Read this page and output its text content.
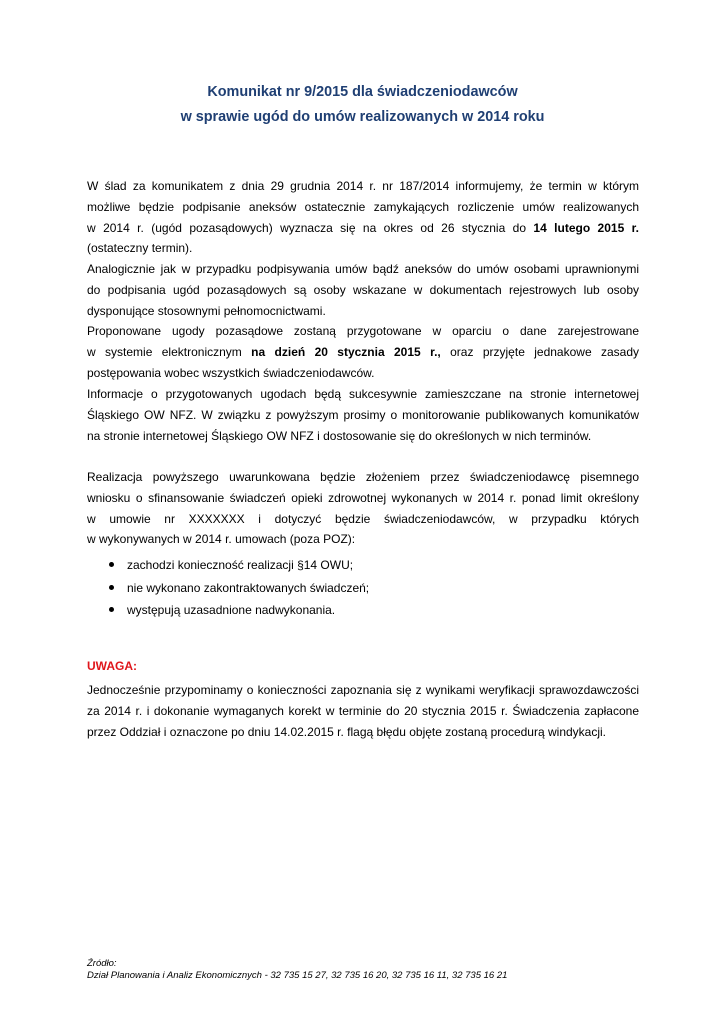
Komunikat nr 9/2015 dla świadczeniodawców
w sprawie ugód do umów realizowanych w 2014 roku
W ślad za komunikatem z dnia 29 grudnia 2014 r. nr 187/2014 informujemy, że termin w którym
możliwe będzie podpisanie aneksów ostatecznie zamykających rozliczenie umów realizowanych
w 2014 r. (ugód pozasądowych) wyznacza się na okres od 26 stycznia do 14 lutego 2015 r.
(ostateczny termin).
Analogicznie jak w przypadku podpisywania umów bądź aneksów do umów osobami uprawnionymi
do podpisania ugód pozasądowych są osoby wskazane w dokumentach rejestrowych lub osoby
dysponujące stosownymi pełnomocnictwami.
Proponowane ugody pozasądowe zostaną przygotowane w oparciu o dane zarejestrowane
w systemie elektronicznym na dzień 20 stycznia 2015 r., oraz przyjęte jednakowe zasady
postępowania wobec wszystkich świadczeniodawców.
Informacje o przygotowanych ugodach będą sukcesywnie zamieszczane na stronie internetowej
Śląskiego OW NFZ. W związku z powyższym prosimy o monitorowanie publikowanych komunikatów
na stronie internetowej Śląskiego OW NFZ i dostosowanie się do określonych w nich terminów.
Realizacja powyższego uwarunkowana będzie złożeniem przez świadczeniodawcę pisemnego
wniosku o sfinansowanie świadczeń opieki zdrowotnej wykonanych w 2014 r. ponad limit określony
w umowie nr XXXXXXX i dotyczyć będzie świadczeniodawców, w przypadku których
w wykonywanych w 2014 r. umowach (poza POZ):
zachodzi konieczność realizacji §14 OWU;
nie wykonano zakontraktowanych świadczeń;
występują uzasadnione nadwykonania.
UWAGA:
Jednocześnie przypominamy o konieczności zapoznania się z wynikami weryfikacji sprawozdawczości
za 2014 r. i dokonanie wymaganych korekt w terminie do 20 stycznia 2015 r. Świadczenia zapłacone
przez Oddział i oznaczone po dniu 14.02.2015 r. flagą błędu objęte zostaną procedurą windykacji.
Źródło:
Dział Planowania i Analiz Ekonomicznych - 32 735 15 27, 32 735 16 20, 32 735 16 11, 32 735 16 21
